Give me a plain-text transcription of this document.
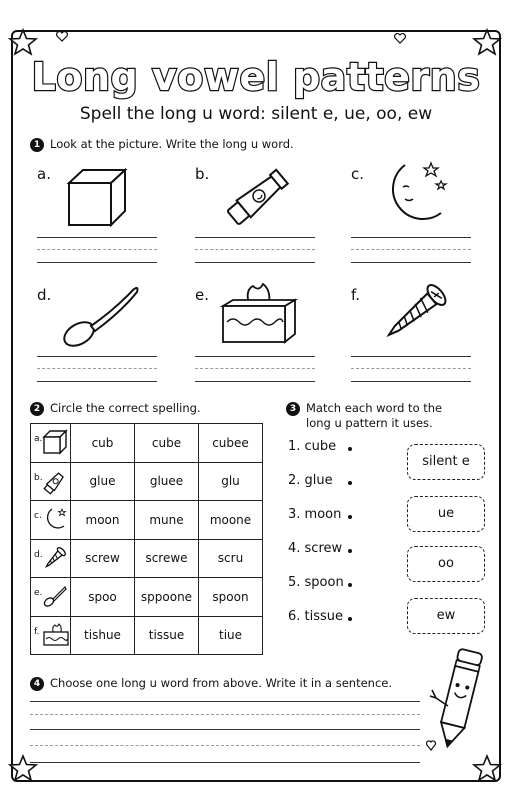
Long vowel patterns
Spell the long u word: silent e, ue, oo, ew
1 Look at the picture. Write the long u word.
a.	b.	c.
d.	e.	f.
2 Circle the correct spelling.
a.	cub	cube	cubee

b.	glue	gluee	glu

c.	moon	mune	moone

d.	screw	screwe	scru

e.	spoo	sppoone	spoon

f.	tishue	tissue	tiue
3 Match each word to the
long u pattern it uses.
1. cube
2. glue
3. moon
4. screw
5. spoon
6. tissue
silent e
ue
oo
ew
4 Choose one long u word from above. Write it in a sentence.
